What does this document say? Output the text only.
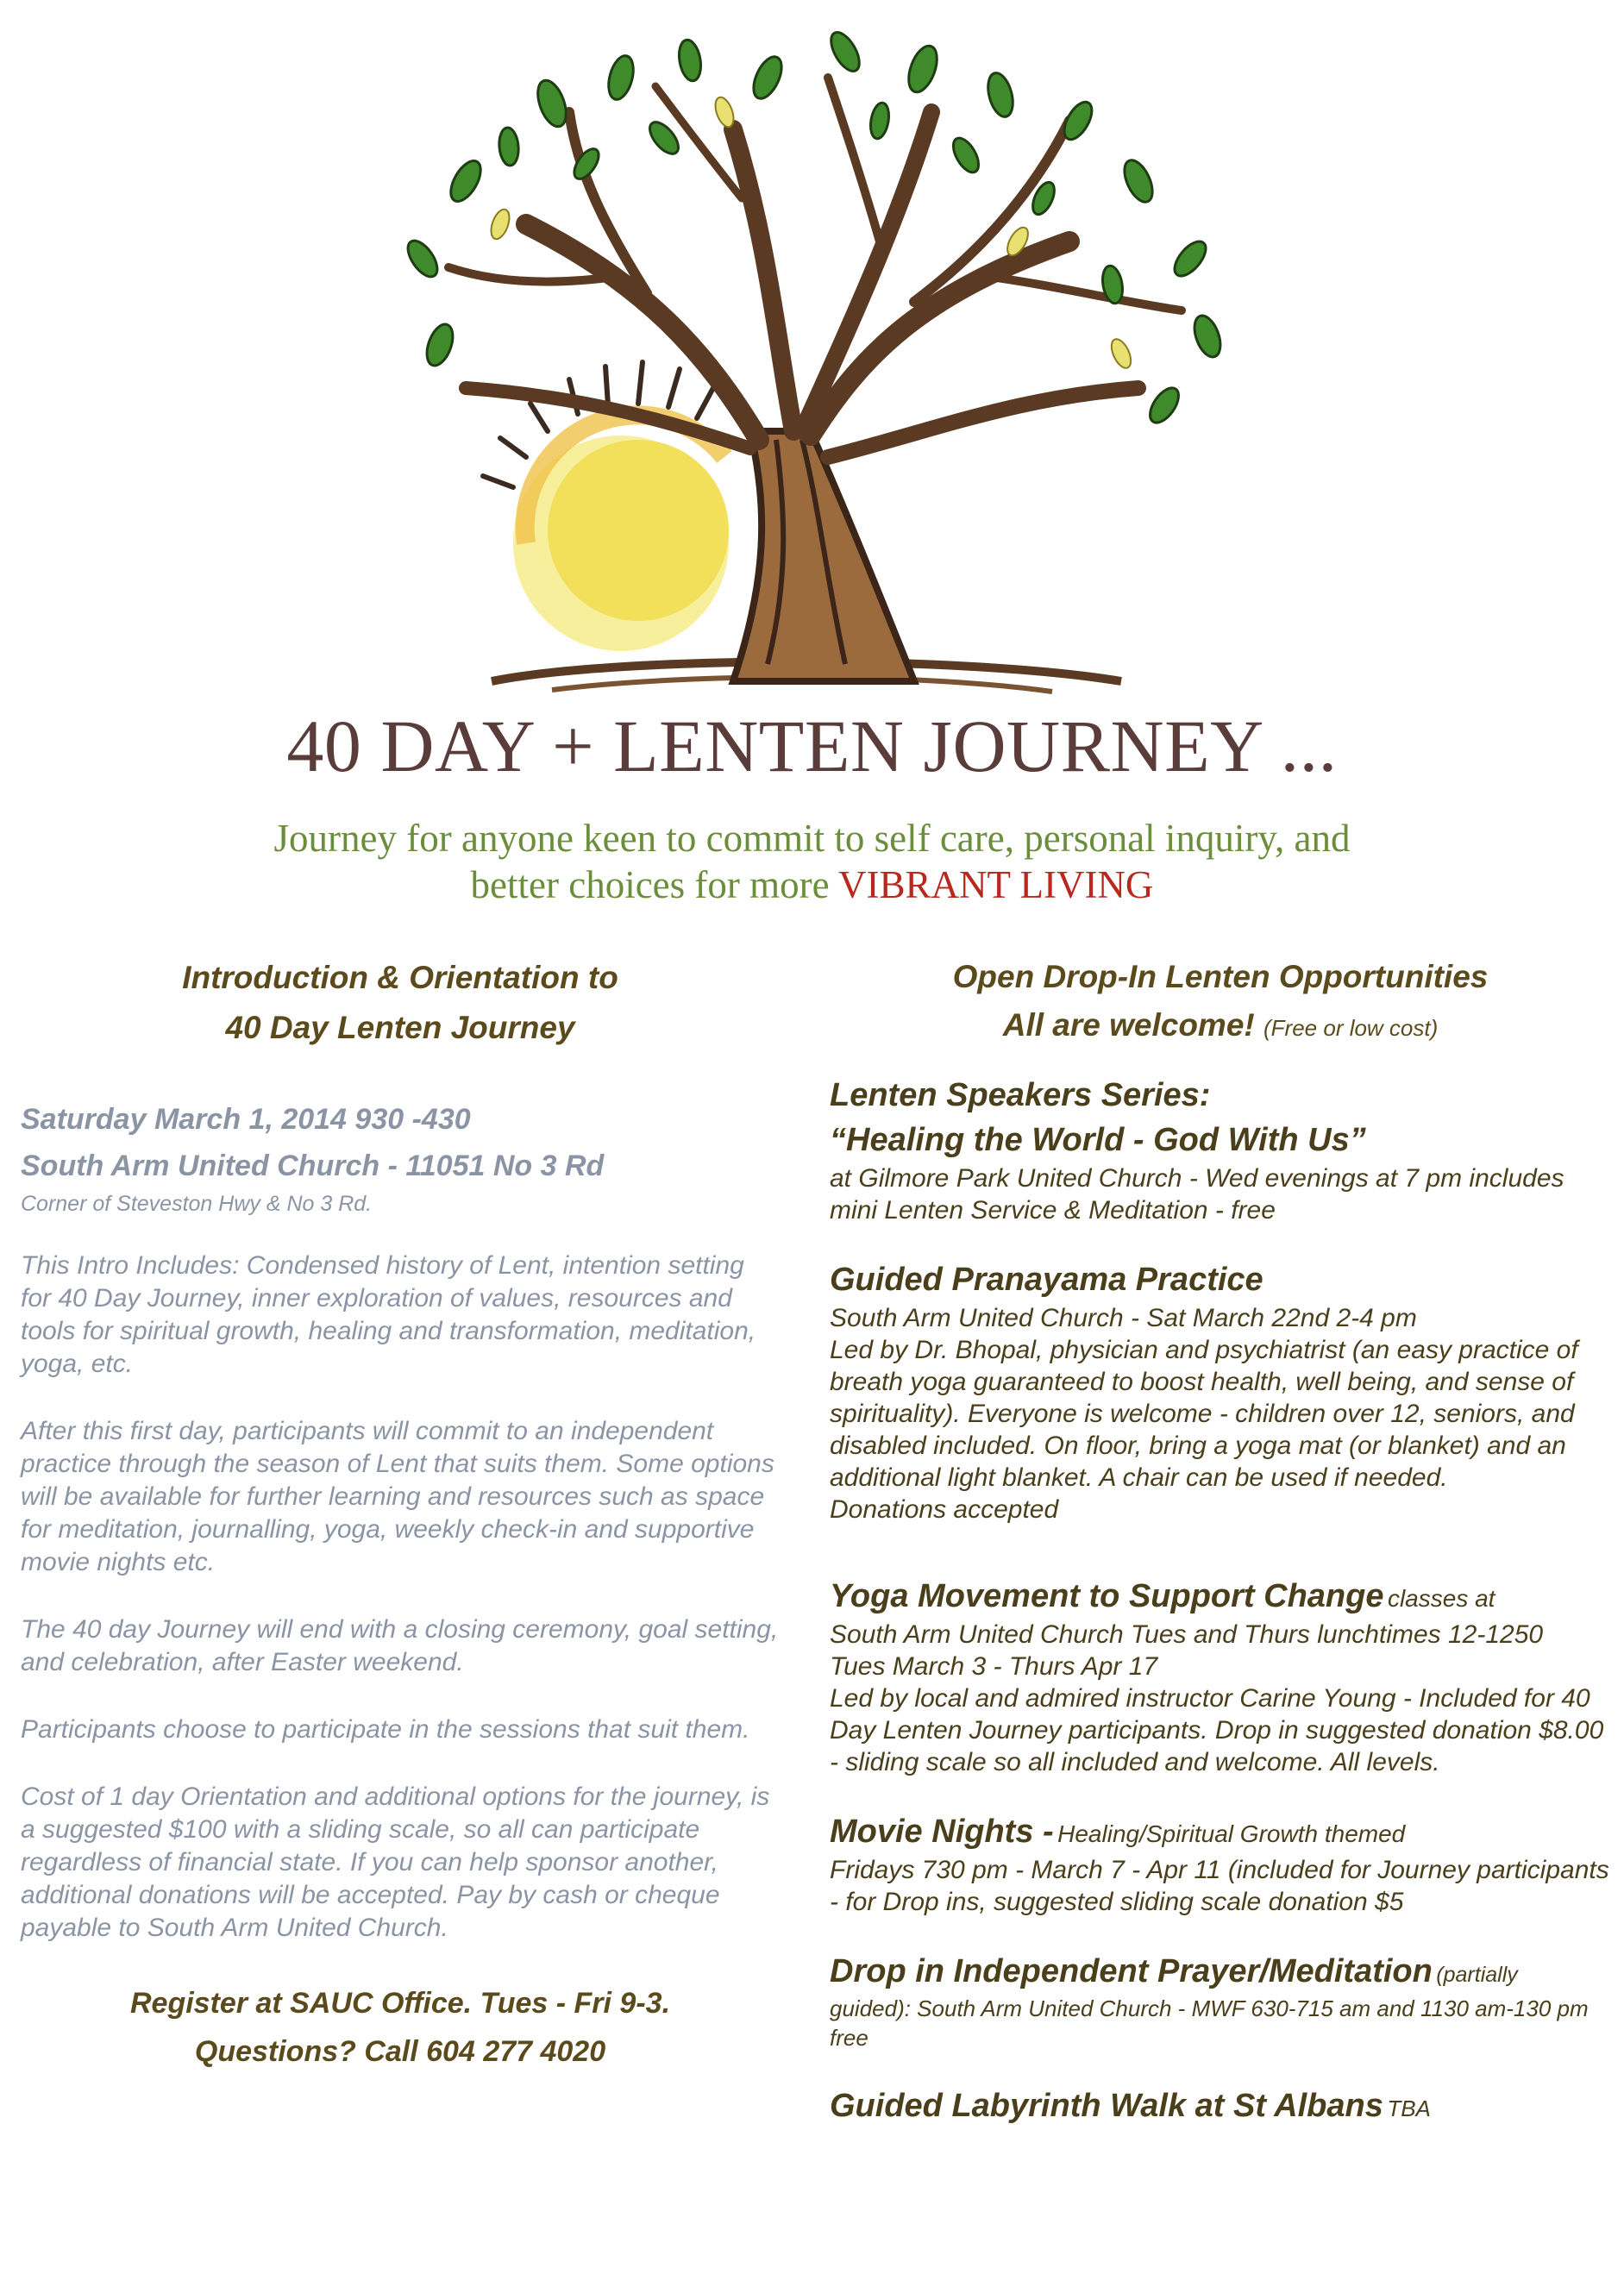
40 DAY + LENTEN JOURNEY ...
Journey for anyone keen to commit to self care, personal inquiry, and
better choices for more VIBRANT LIVING
Introduction & Orientation to
40 Day Lenten Journey
Saturday March 1, 2014 930 -430
South Arm United Church - 11051 No 3 Rd
Corner of Steveston Hwy & No 3 Rd.

This Intro Includes: Condensed history of Lent, intention setting for 40 Day Journey, inner exploration of values, resources and tools for spiritual growth, healing and transformation, meditation, yoga, etc.

After this first day, participants will commit to an independent practice through the season of Lent that suits them. Some options will be available for further learning and resources such as space for meditation, journalling, yoga, weekly check-in and supportive movie nights etc.

The 40 day Journey will end with a closing ceremony, goal setting, and celebration, after Easter weekend.

Participants choose to participate in the sessions that suit them.

Cost of 1 day Orientation and additional options for the journey, is a suggested $100 with a sliding scale, so all can participate regardless of financial state. If you can help sponsor another, additional donations will be accepted. Pay by cash or cheque payable to South Arm United Church.

Register at SAUC Office. Tues - Fri 9-3.
Questions? Call 604 277 4020
Open Drop-In Lenten Opportunities
All are welcome! (Free or low cost)
Lenten Speakers Series:
“Healing the World - God With Us”
at Gilmore Park United Church - Wed evenings at 7 pm includes mini Lenten Service & Meditation - free
Guided Pranayama Practice
South Arm United Church - Sat March 22nd 2-4 pm
Led by Dr. Bhopal, physician and psychiatrist (an easy practice of breath yoga guaranteed to boost health, well being, and sense of spirituality). Everyone is welcome - children over 12, seniors, and disabled included. On floor, bring a yoga mat (or blanket) and an additional light blanket. A chair can be used if needed.
Donations accepted
Yoga Movement to Support Change classes at
South Arm United Church Tues and Thurs lunchtimes 12-1250
Tues March 3 - Thurs Apr 17
Led by local and admired instructor Carine Young - Included for 40 Day Lenten Journey participants. Drop in suggested donation $8.00 - sliding scale so all included and welcome. All levels.
Movie Nights - Healing/Spiritual Growth themed
Fridays 730 pm - March 7 - Apr 11 (included for Journey participants - for Drop ins, suggested sliding scale donation $5
Drop in Independent Prayer/Meditation (partially
guided): South Arm United Church - MWF 630-715 am and 1130 am-130 pm free
Guided Labyrinth Walk at St Albans TBA
